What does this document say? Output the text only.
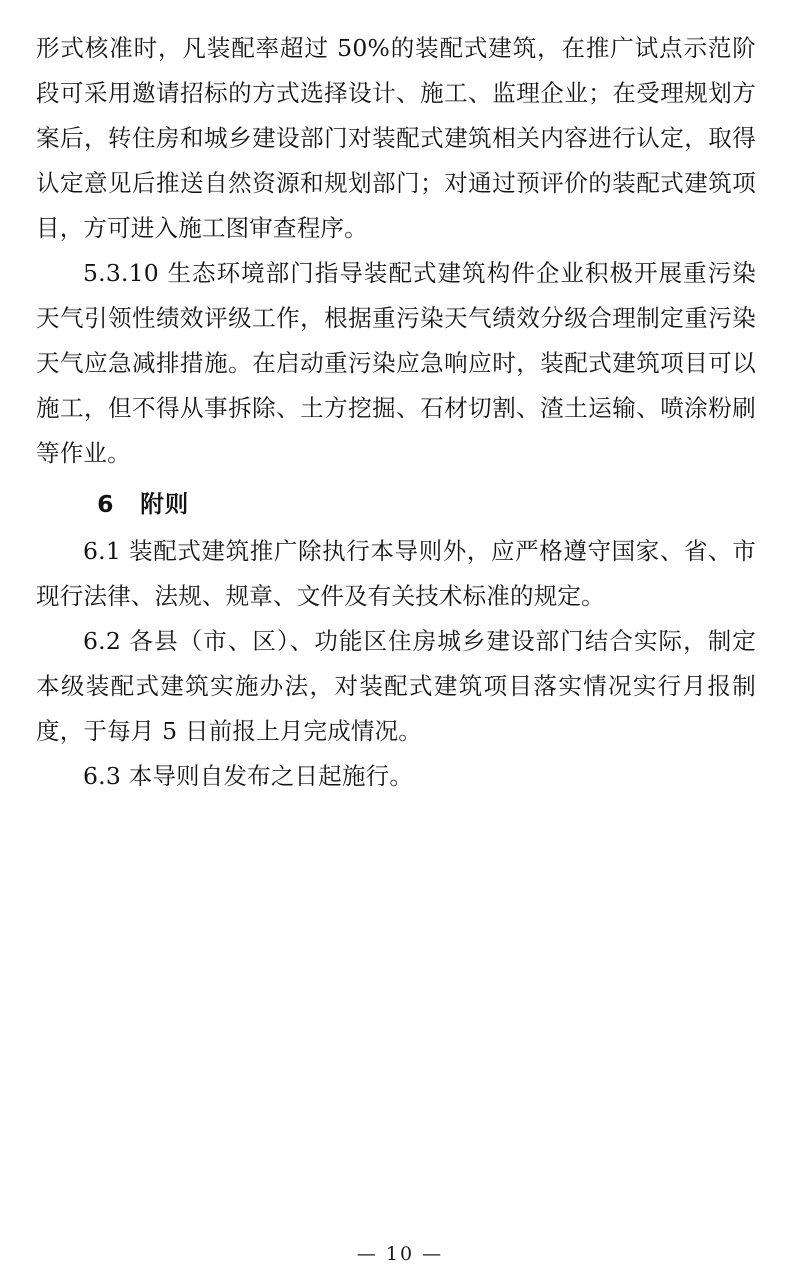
形式核准时，凡装配率超过 50%的装配式建筑，在推广试点示范阶段可采用邀请招标的方式选择设计、施工、监理企业；在受理规划方案后，转住房和城乡建设部门对装配式建筑相关内容进行认定，取得认定意见后推送自然资源和规划部门；对通过预评价的装配式建筑项目，方可进入施工图审查程序。

5.3.10 生态环境部门指导装配式建筑构件企业积极开展重污染天气引领性绩效评级工作，根据重污染天气绩效分级合理制定重污染天气应急减排措施。在启动重污染应急响应时，装配式建筑项目可以施工，但不得从事拆除、土方挖掘、石材切割、渣土运输、喷涂粉刷等作业。

6 附则

6.1 装配式建筑推广除执行本导则外，应严格遵守国家、省、市现行法律、法规、规章、文件及有关技术标准的规定。

6.2 各县（市、区）、功能区住房城乡建设部门结合实际，制定本级装配式建筑实施办法，对装配式建筑项目落实情况实行月报制度，于每月 5 日前报上月完成情况。

6.3 本导则自发布之日起施行。

— 10 —
